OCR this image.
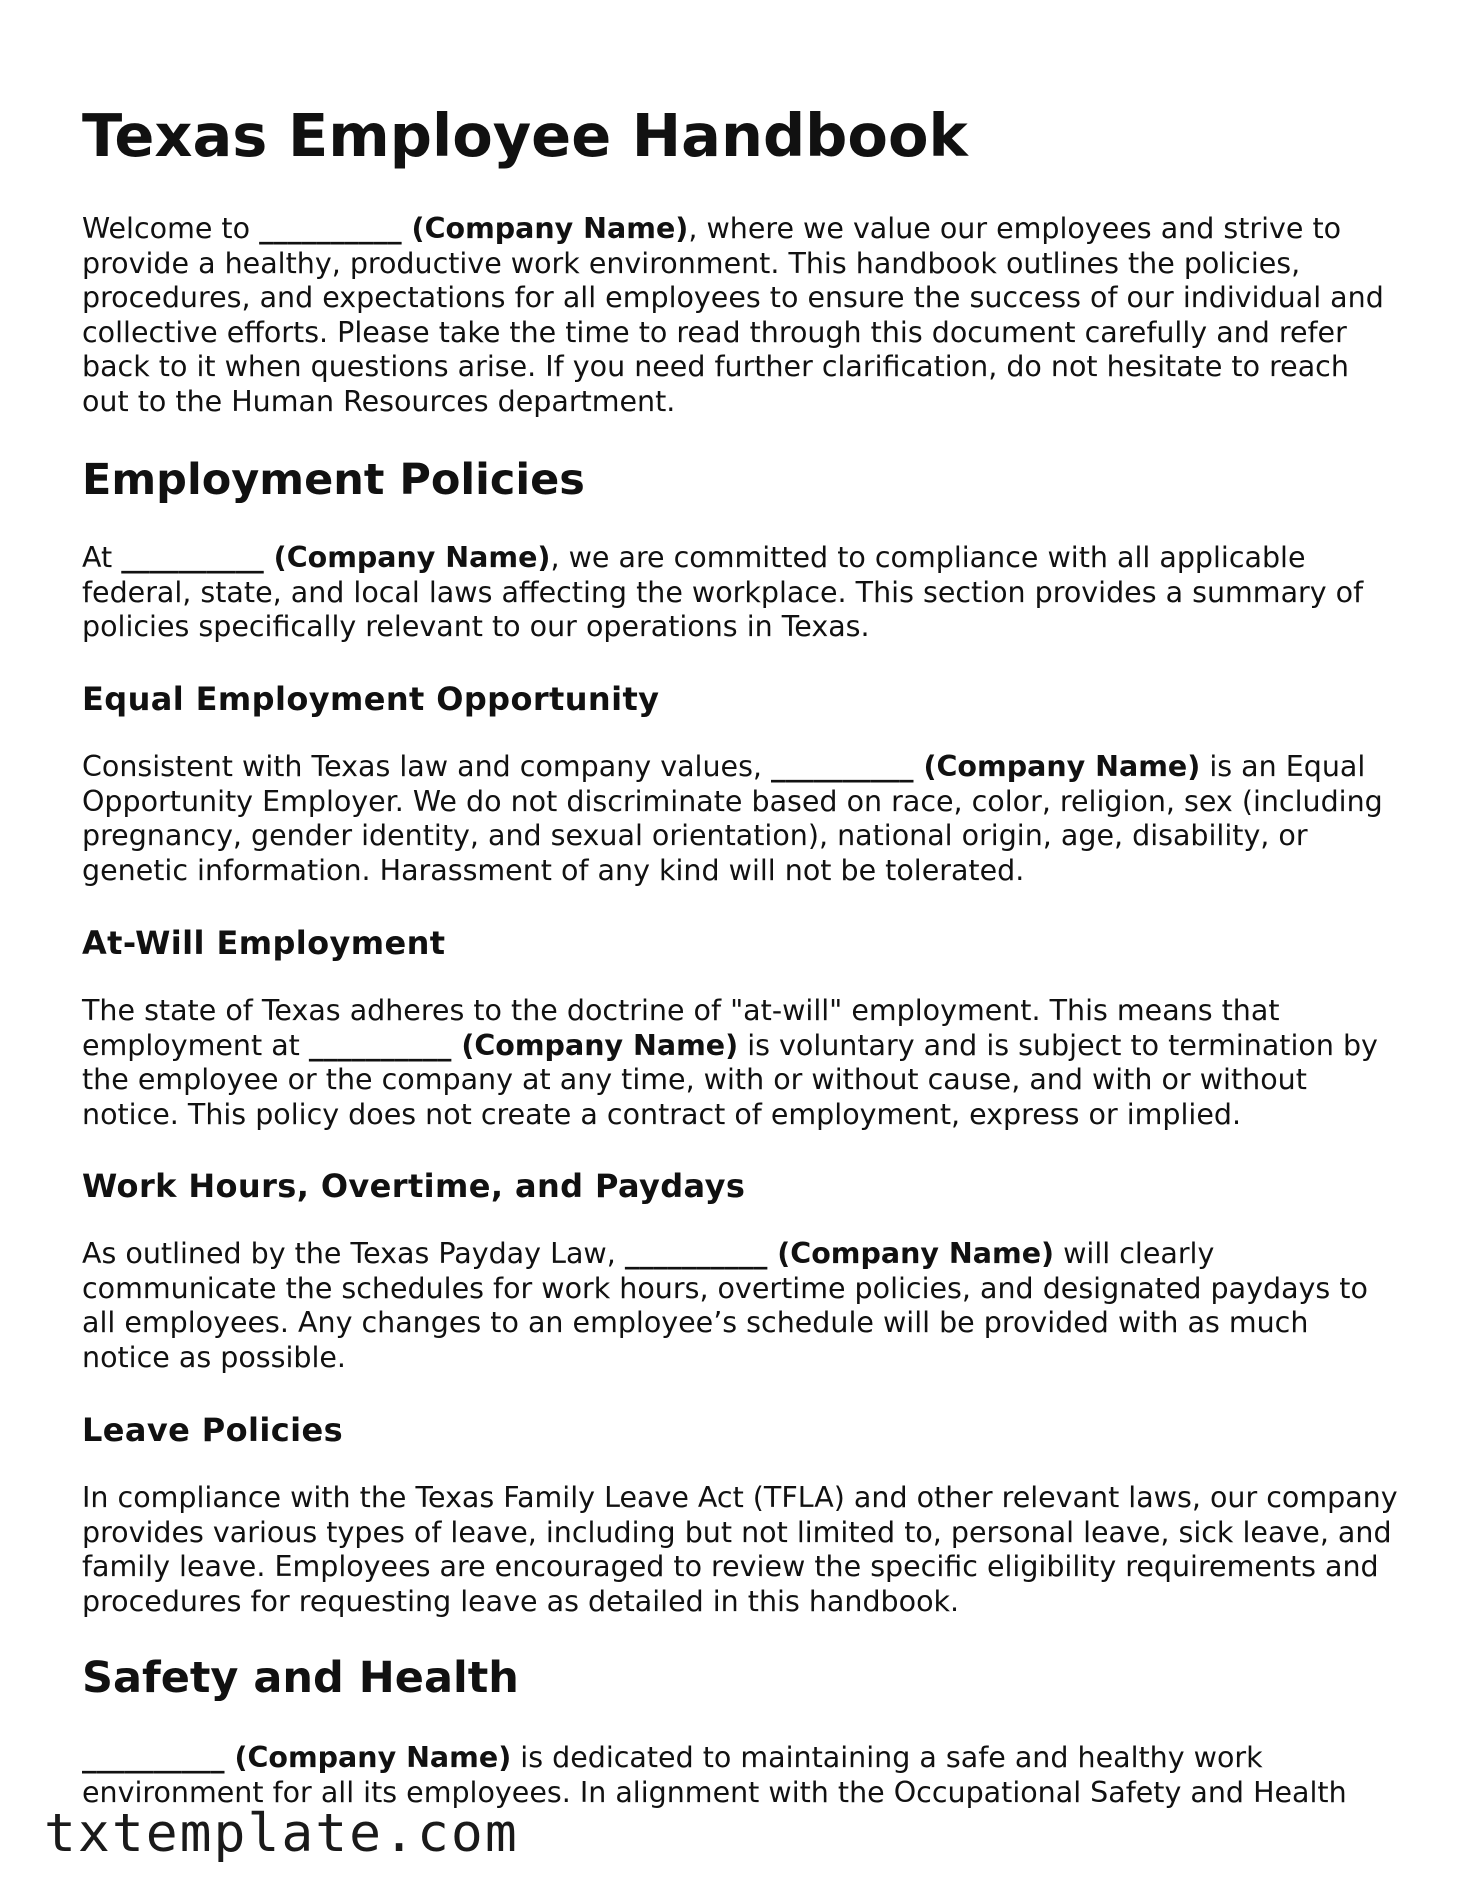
Texas Employee Handbook

Welcome to __________ (Company Name), where we value our employees and strive to provide a healthy, productive work environment. This handbook outlines the policies, procedures, and expectations for all employees to ensure the success of our individual and collective efforts. Please take the time to read through this document carefully and refer back to it when questions arise. If you need further clarification, do not hesitate to reach out to the Human Resources department.

Employment Policies

At __________ (Company Name), we are committed to compliance with all applicable federal, state, and local laws affecting the workplace. This section provides a summary of policies specifically relevant to our operations in Texas.

Equal Employment Opportunity

Consistent with Texas law and company values, __________ (Company Name) is an Equal Opportunity Employer. We do not discriminate based on race, color, religion, sex (including pregnancy, gender identity, and sexual orientation), national origin, age, disability, or genetic information. Harassment of any kind will not be tolerated.

At-Will Employment

The state of Texas adheres to the doctrine of "at-will" employment. This means that employment at __________ (Company Name) is voluntary and is subject to termination by the employee or the company at any time, with or without cause, and with or without notice. This policy does not create a contract of employment, express or implied.

Work Hours, Overtime, and Paydays

As outlined by the Texas Payday Law, __________ (Company Name) will clearly communicate the schedules for work hours, overtime policies, and designated paydays to all employees. Any changes to an employee’s schedule will be provided with as much notice as possible.

Leave Policies

In compliance with the Texas Family Leave Act (TFLA) and other relevant laws, our company provides various types of leave, including but not limited to, personal leave, sick leave, and family leave. Employees are encouraged to review the specific eligibility requirements and procedures for requesting leave as detailed in this handbook.

Safety and Health

__________ (Company Name) is dedicated to maintaining a safe and healthy work environment for all its employees. In alignment with the Occupational Safety and Health

txtemplate.com
